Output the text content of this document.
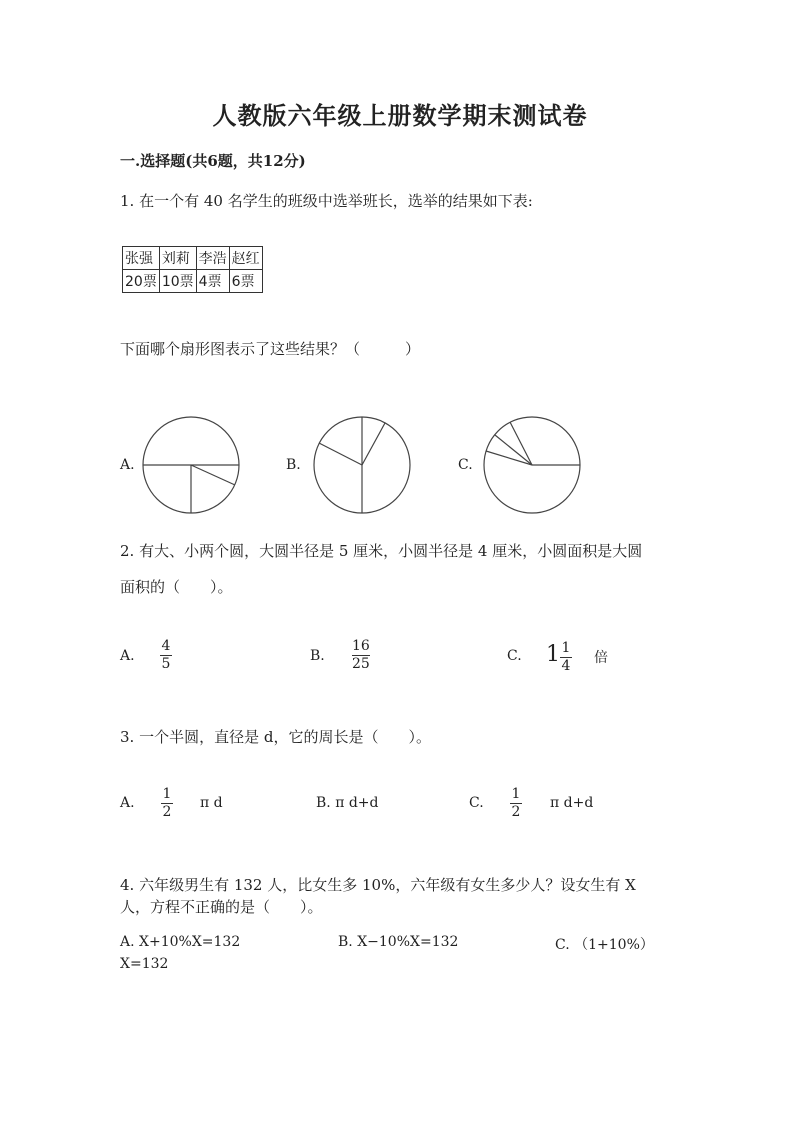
人教版六年级上册数学期末测试卷
一.选择题(共6题，共12分)
1. 在一个有 40 名学生的班级中选举班长，选举的结果如下表:
张强	刘莉	李浩	赵红
20票	10票	4票	6票
下面哪个扇形图表示了这些结果？（　　　）
A.	B.	C.
2. 有大、小两个圆，大圆半径是 5 厘米，小圆半径是 4 厘米，小圆面积是大圆
面积的（　　）。
A.
4
5	B.
16
25	C. 1 1
4 倍
3. 一个半圆，直径是 d，它的周长是（　　）。
A.
1
2
π d	B. π d+d	C.
1
2
π d+d
4. 六年级男生有 132 人，比女生多 10%，六年级有女生多少人？设女生有 X
人，方程不正确的是（　　）。
A. X+10%X=132	B. X−10%X=132	C. （1+10%）
X=132
